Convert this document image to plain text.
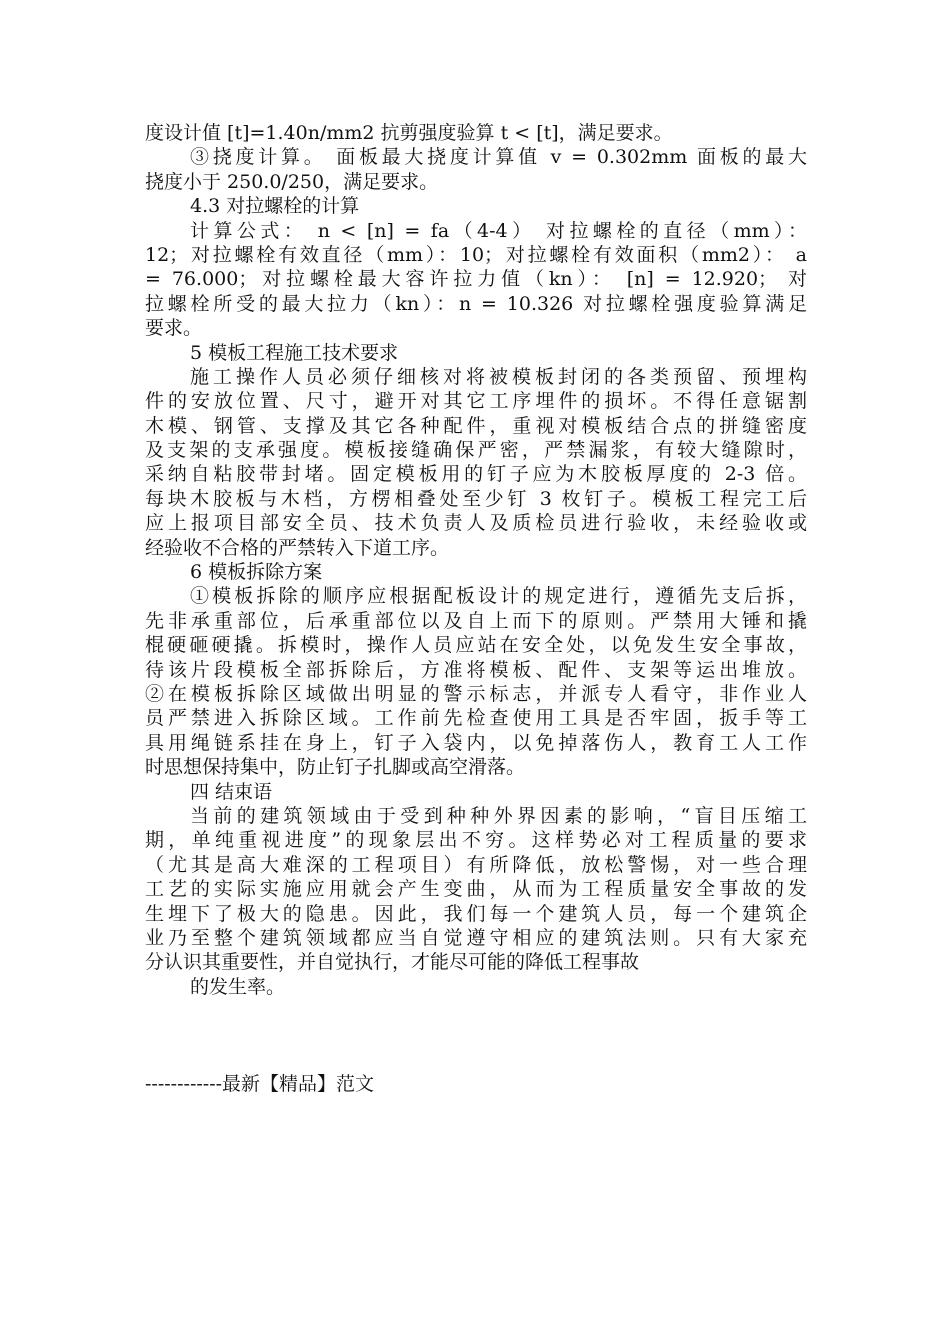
度设计值 [t]=1.40n/mm2 抗剪强度验算 t < [t]，满足要求。
③挠度计算。 面板最大挠度计算值 v = 0.302mm 面板的最大
挠度小于 250.0/250，满足要求。
4.3 对拉螺栓的计算
计算公式： n < [n] = fa（4-4） 对拉螺栓的直径（mm）：
12；对拉螺栓有效直径（mm）：10；对拉螺栓有效面积（mm2）： a
= 76.000；对拉螺栓最大容许拉力值（kn）： [n] = 12.920； 对
拉螺栓所受的最大拉力（kn）：n = 10.326 对拉螺栓强度验算满足
要求。
5 模板工程施工技术要求
施工操作人员必须仔细核对将被模板封闭的各类预留、预埋构
件的安放位置、尺寸，避开对其它工序埋件的损坏。不得任意锯割
木模、钢管、支撑及其它各种配件，重视对模板结合点的拼缝密度
及支架的支承强度。模板接缝确保严密，严禁漏浆，有较大缝隙时，
采纳自粘胶带封堵。固定模板用的钉子应为木胶板厚度的 2-3 倍。
每块木胶板与木档，方楞相叠处至少钉 3 枚钉子。模板工程完工后
应上报项目部安全员、技术负责人及质检员进行验收，未经验收或
经验收不合格的严禁转入下道工序。
6 模板拆除方案
①模板拆除的顺序应根据配板设计的规定进行，遵循先支后拆，
先非承重部位，后承重部位以及自上而下的原则。严禁用大锤和撬
棍硬砸硬撬。拆模时，操作人员应站在安全处，以免发生安全事故，
待该片段模板全部拆除后，方准将模板、配件、支架等运出堆放。
②在模板拆除区域做出明显的警示标志，并派专人看守，非作业人
员严禁进入拆除区域。工作前先检查使用工具是否牢固，扳手等工
具用绳链系挂在身上，钉子入袋内，以免掉落伤人，教育工人工作
时思想保持集中，防止钉子扎脚或高空滑落。
四 结束语
当前的建筑领域由于受到种种外界因素的影响，“盲目压缩工
期，单纯重视进度”的现象层出不穷。这样势必对工程质量的要求
（尤其是高大难深的工程项目）有所降低，放松警惕，对一些合理
工艺的实际实施应用就会产生变曲，从而为工程质量安全事故的发
生埋下了极大的隐患。因此，我们每一个建筑人员，每一个建筑企
业乃至整个建筑领域都应当自觉遵守相应的建筑法则。只有大家充
分认识其重要性，并自觉执行，才能尽可能的降低工程事故
的发生率。
------------最新【精品】范文
